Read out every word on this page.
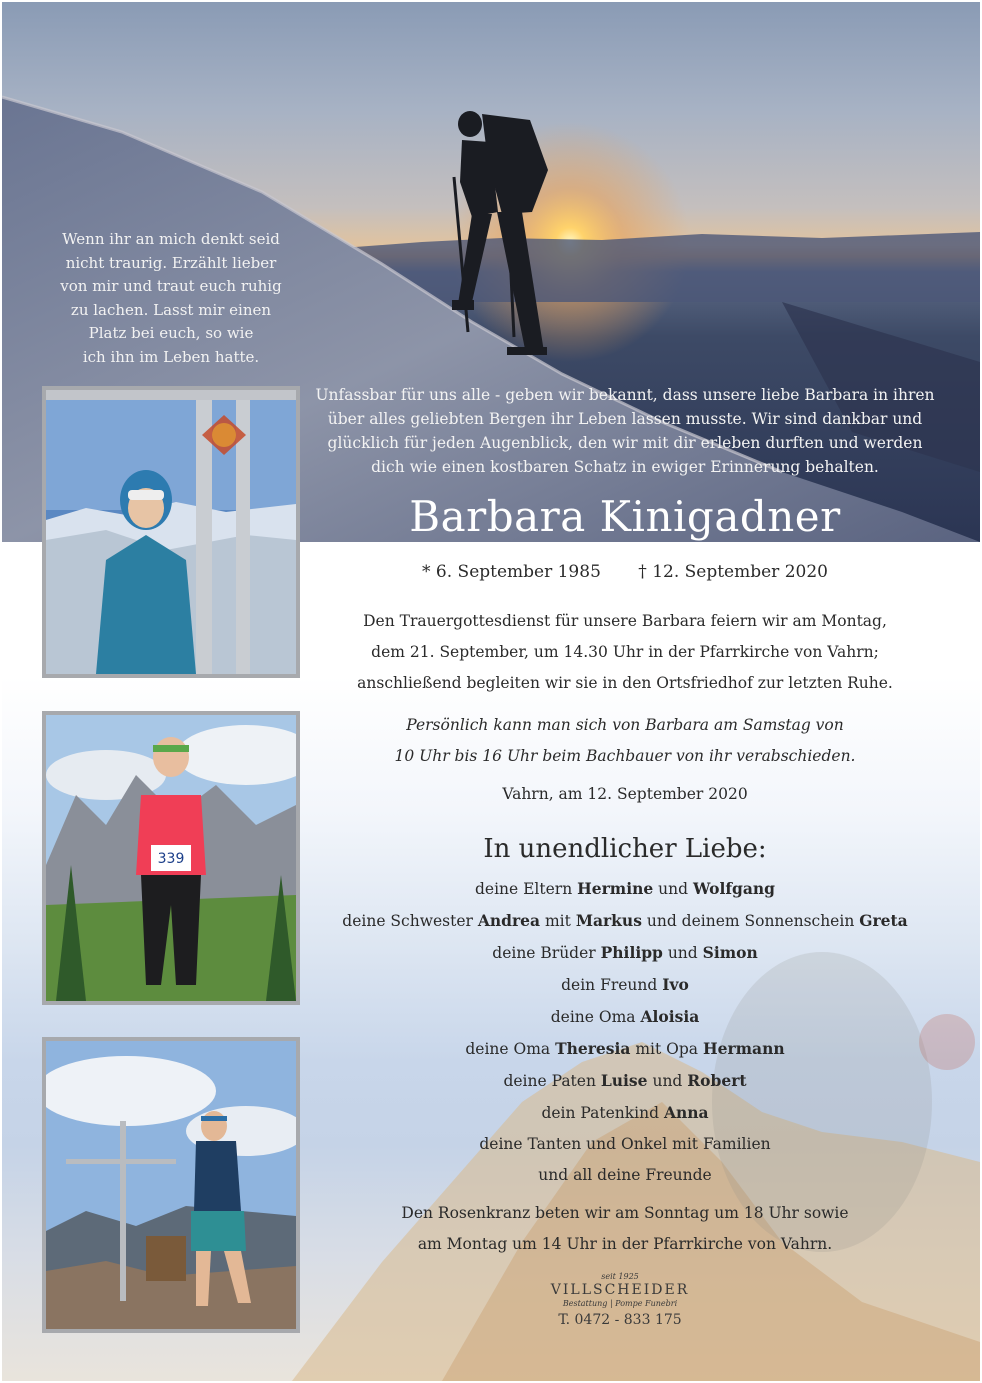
339
Wenn ihr an mich denkt seid
nicht traurig. Erzählt lieber
von mir und traut euch ruhig
zu lachen. Lasst mir einen
Platz bei euch, so wie
ich ihn im Leben hatte.
Unfassbar für uns alle - geben wir bekannt, dass unsere liebe Barbara in ihren
über alles geliebten Bergen ihr Leben lassen musste. Wir sind dankbar und
glücklich für jeden Augenblick, den wir mit dir erleben durften und werden
dich wie einen kostbaren Schatz in ewiger Erinnerung behalten.
Barbara Kinigadner
* 6. September 1985 † 12. September 2020
Den Trauergottesdienst für unsere Barbara feiern wir am Montag,
dem 21. September, um 14.30 Uhr in der Pfarrkirche von Vahrn;
anschließend begleiten wir sie in den Ortsfriedhof zur letzten Ruhe.
Persönlich kann man sich von Barbara am Samstag von
10 Uhr bis 16 Uhr beim Bachbauer von ihr verabschieden.
Vahrn, am 12. September 2020
In unendlicher Liebe:
deine Eltern Hermine und Wolfgang
deine Schwester Andrea mit Markus und deinem Sonnenschein Greta
deine Brüder Philipp und Simon
dein Freund Ivo
deine Oma Aloisia
deine Oma Theresia mit Opa Hermann
deine Paten Luise und Robert
dein Patenkind Anna
deine Tanten und Onkel mit Familien
und all deine Freunde
Den Rosenkranz beten wir am Sonntag um 18 Uhr sowie
am Montag um 14 Uhr in der Pfarrkirche von Vahrn.
seit 1925
VILLSCHEIDER
Bestattung | Pompe Funebri
T. 0472 - 833 175
